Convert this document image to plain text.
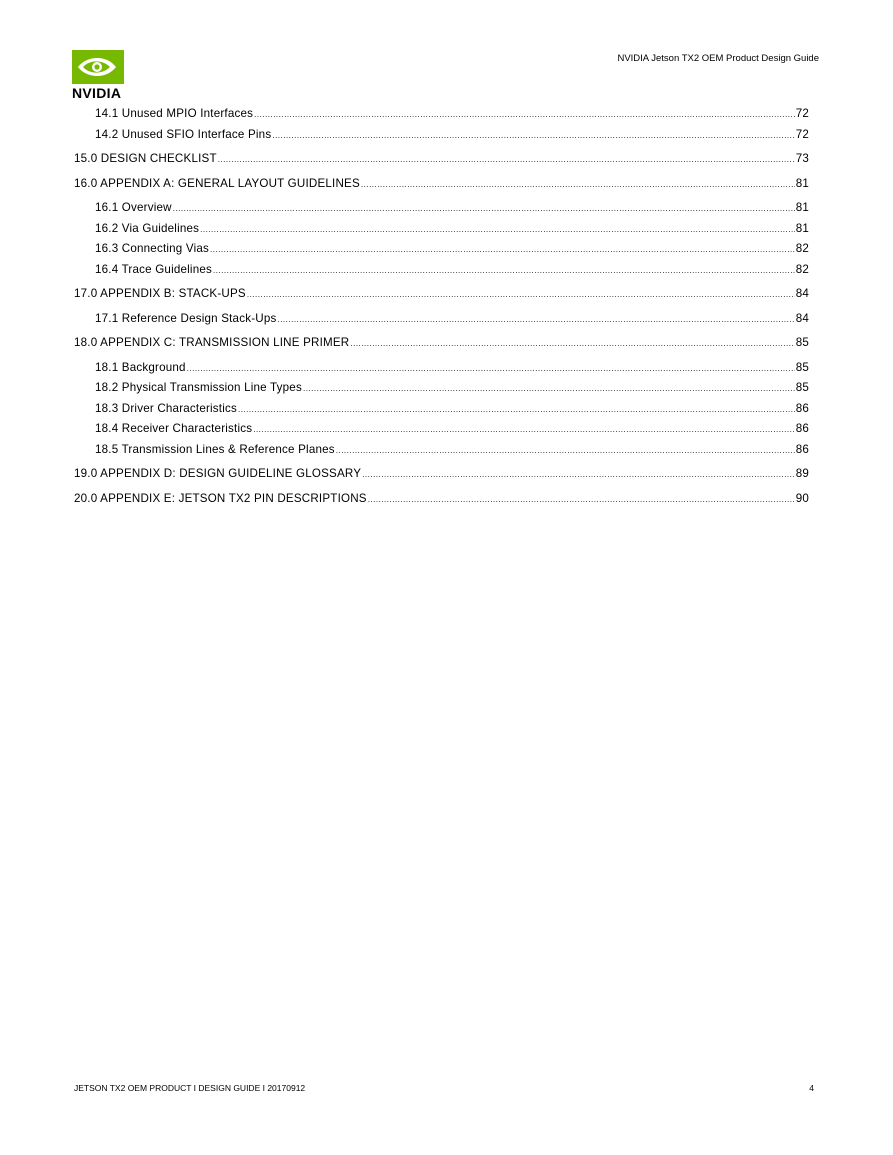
NVIDIA
NVIDIA Jetson TX2 OEM Product Design Guide
14.1 Unused MPIO Interfaces .....	72
14.2 Unused SFIO Interface Pins .....	72
15.0 DESIGN CHECKLIST .....	73
16.0 APPENDIX A: GENERAL LAYOUT GUIDELINES .....	81
16.1 Overview .....	81
16.2 Via Guidelines .....	81
16.3 Connecting Vias .....	82
16.4 Trace Guidelines .....	82
17.0 APPENDIX B: STACK-UPS .....	84
17.1 Reference Design Stack-Ups .....	84
18.0 APPENDIX C: TRANSMISSION LINE PRIMER .....	85
18.1 Background .....	85
18.2 Physical Transmission Line Types .....	85
18.3 Driver Characteristics .....	86
18.4 Receiver Characteristics .....	86
18.5 Transmission Lines & Reference Planes .....	86
19.0 APPENDIX D: DESIGN GUIDELINE GLOSSARY .....	89
20.0 APPENDIX E: JETSON TX2 PIN DESCRIPTIONS .....	90
JETSON TX2 OEM PRODUCT I DESIGN GUIDE I 20170912	4
